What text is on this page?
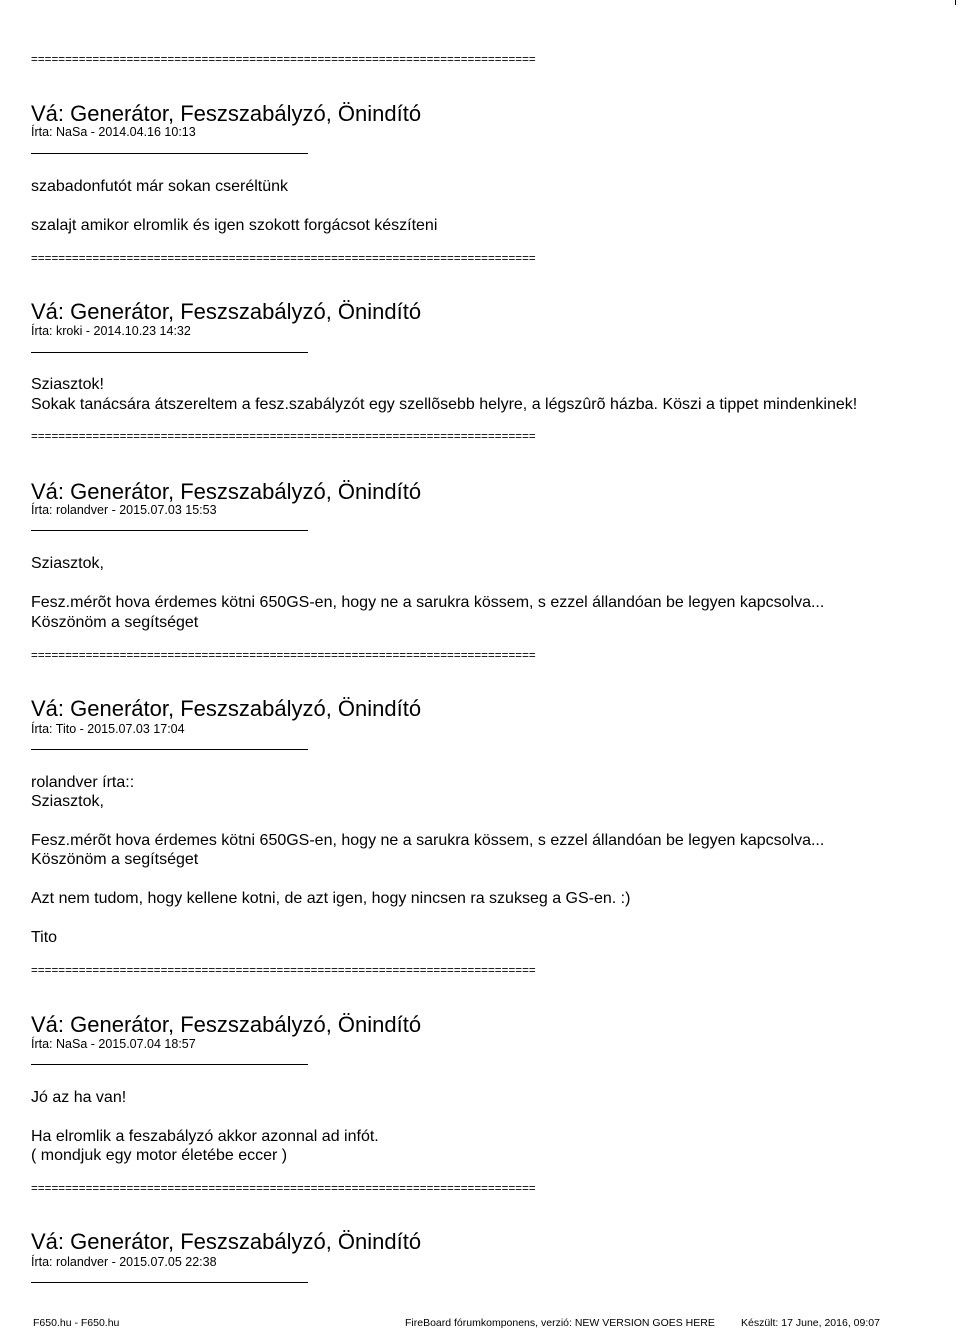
==========================================================================
Vá: Generátor, Feszszabályzó, Önindító
Írta: NaSa - 2014.04.16 10:13
szabadonfutót már sokan cseréltünk
szalajt amikor elromlik és igen szokott forgácsot készíteni
==========================================================================
Vá: Generátor, Feszszabályzó, Önindító
Írta: kroki - 2014.10.23 14:32
Sziasztok!
Sokak tanácsára átszereltem a fesz.szabályzót egy szellõsebb helyre, a légszûrõ házba. Köszi a tippet mindenkinek!
==========================================================================
Vá: Generátor, Feszszabályzó, Önindító
Írta: rolandver - 2015.07.03 15:53
Sziasztok,
Fesz.mérõt hova érdemes kötni 650GS-en, hogy ne a sarukra kössem, s ezzel állandóan be legyen kapcsolva...
Köszönöm a segítséget
==========================================================================
Vá: Generátor, Feszszabályzó, Önindító
Írta: Tito - 2015.07.03 17:04
rolandver írta::
Sziasztok,
Fesz.mérõt hova érdemes kötni 650GS-en, hogy ne a sarukra kössem, s ezzel állandóan be legyen kapcsolva...
Köszönöm a segítséget
Azt nem tudom, hogy kellene kotni, de azt igen, hogy nincsen ra szukseg a GS-en. :)
Tito
==========================================================================
Vá: Generátor, Feszszabályzó, Önindító
Írta: NaSa - 2015.07.04 18:57
Jó az ha van!
Ha elromlik a feszabályzó akkor azonnal ad infót.
( mondjuk egy motor életébe eccer )
==========================================================================
Vá: Generátor, Feszszabályzó, Önindító
Írta: rolandver - 2015.07.05 22:38
F650.hu - F650.hu	FireBoard fórumkomponens, verzió: NEW VERSION GOES HERE Készült: 17 June, 2016, 09:07
